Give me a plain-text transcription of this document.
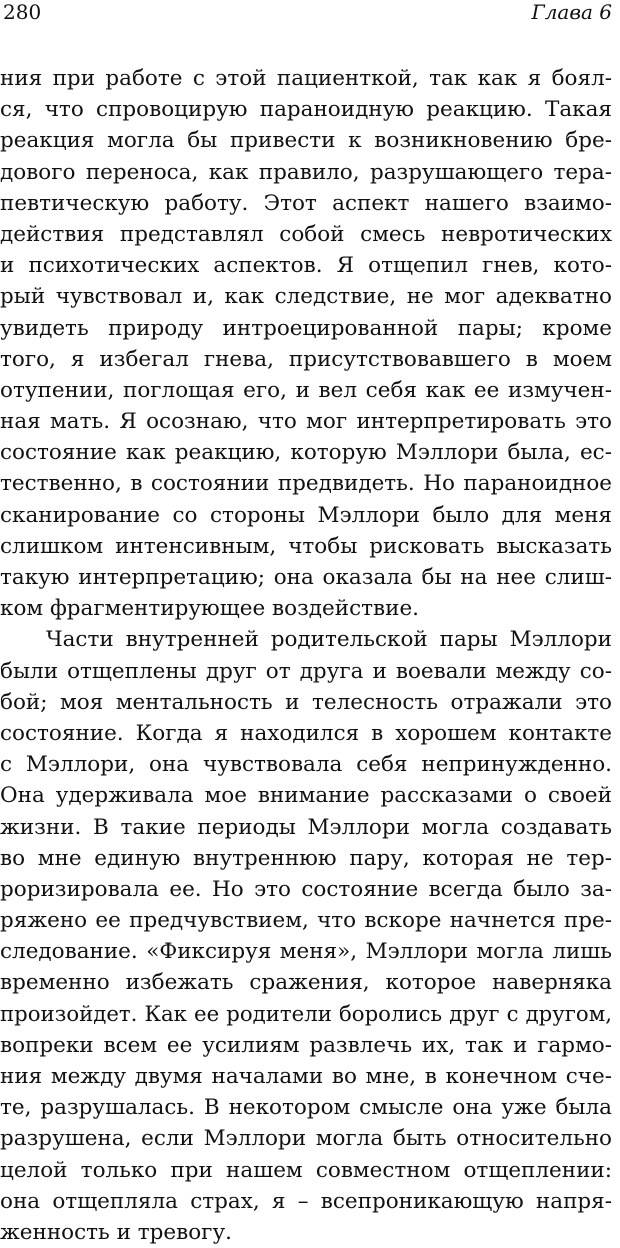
280	Глава 6
ния при работе с этой пациенткой, так как я боял-
ся, что спровоцирую параноидную реакцию. Такая
реакция могла бы привести к возникновению бре-
дового переноса, как правило, разрушающего тера-
певтическую работу. Этот аспект нашего взаимо-
действия представлял собой смесь невротических
и психотических аспектов. Я отщепил гнев, кото-
рый чувствовал и, как следствие, не мог адекватно
увидеть природу интроецированной пары; кроме
того, я избегал гнева, присутствовавшего в моем
отупении, поглощая его, и вел себя как ее измучен-
ная мать. Я осознаю, что мог интерпретировать это
состояние как реакцию, которую Мэллори была, ес-
тественно, в состоянии предвидеть. Но параноидное
сканирование со стороны Мэллори было для меня
слишком интенсивным, чтобы рисковать высказать
такую интерпретацию; она оказала бы на нее слиш-
ком фрагментирующее воздействие.
Части внутренней родительской пары Мэллори
были отщеплены друг от друга и воевали между со-
бой; моя ментальность и телесность отражали это
состояние. Когда я находился в хорошем контакте
с Мэллори, она чувствовала себя непринужденно.
Она удерживала мое внимание рассказами о своей
жизни. В такие периоды Мэллори могла создавать
во мне единую внутреннюю пару, которая не тер-
роризировала ее. Но это состояние всегда было за-
ряжено ее предчувствием, что вскоре начнется пре-
следование. «Фиксируя меня», Мэллори могла лишь
временно избежать сражения, которое наверняка
произойдет. Как ее родители боролись друг с другом,
вопреки всем ее усилиям развлечь их, так и гармо-
ния между двумя началами во мне, в конечном сче-
те, разрушалась. В некотором смысле она уже была
разрушена, если Мэллори могла быть относительно
целой только при нашем совместном отщеплении:
она отщепляла страх, я – всепроникающую напря-
женность и тревогу.
